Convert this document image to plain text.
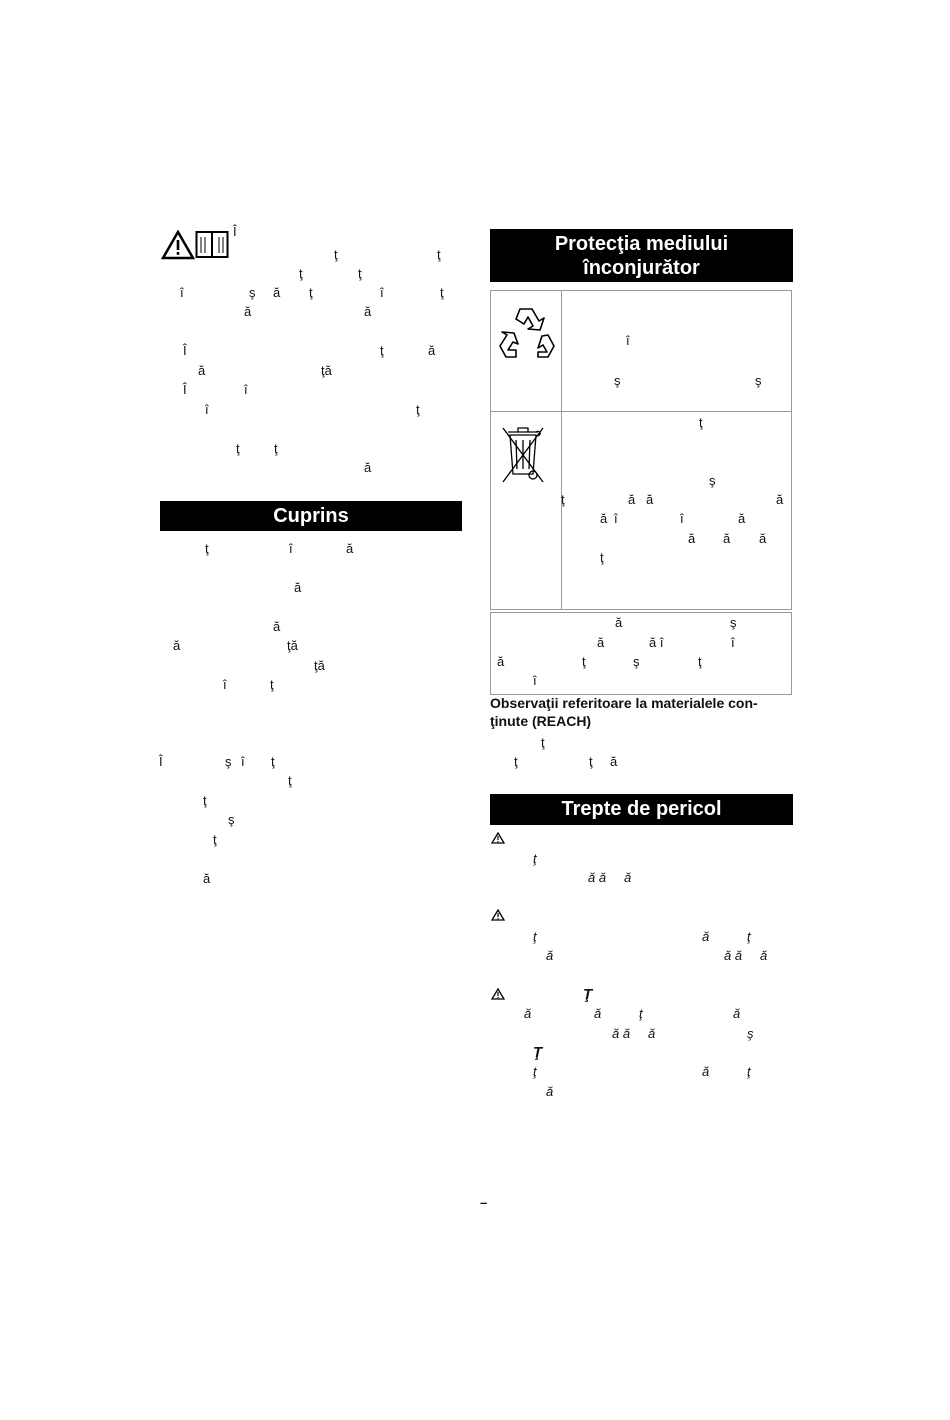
Î
ţ	ţ
ţ	ţ
î	ş ă ţ	î	ţ
ă	ă
Î	ţ	ă
ă	ţă
Î	î
î	ţ
ţ	ţ
ă
Cuprins
ţ	î	ă
ă
ă
ă	ţă
ţă
î	ţ
Î	ş î ţ
ţ
ţ
ş
ţ
ă
Protecţia mediului
înconjurător
î
ş	ş
ţ
ş
ţ	ă ă	ă
ă î	î	ă
ă ă ă
ţ
ă	ş
ă	ă î	î
ă	ţ	ş	ţ
î
Observaţii referitoare la materialele con-
ţinute (REACH)
ţ
ţ	ţ ă
Trepte de pericol
ţ
ă ă ă
ţ	ă	ţ
ă	ă ă ă
Ţ
ă	ă	ţ	ă
ă ă ă	ş
Ţ
ţ	ă	ţ
ă
–
